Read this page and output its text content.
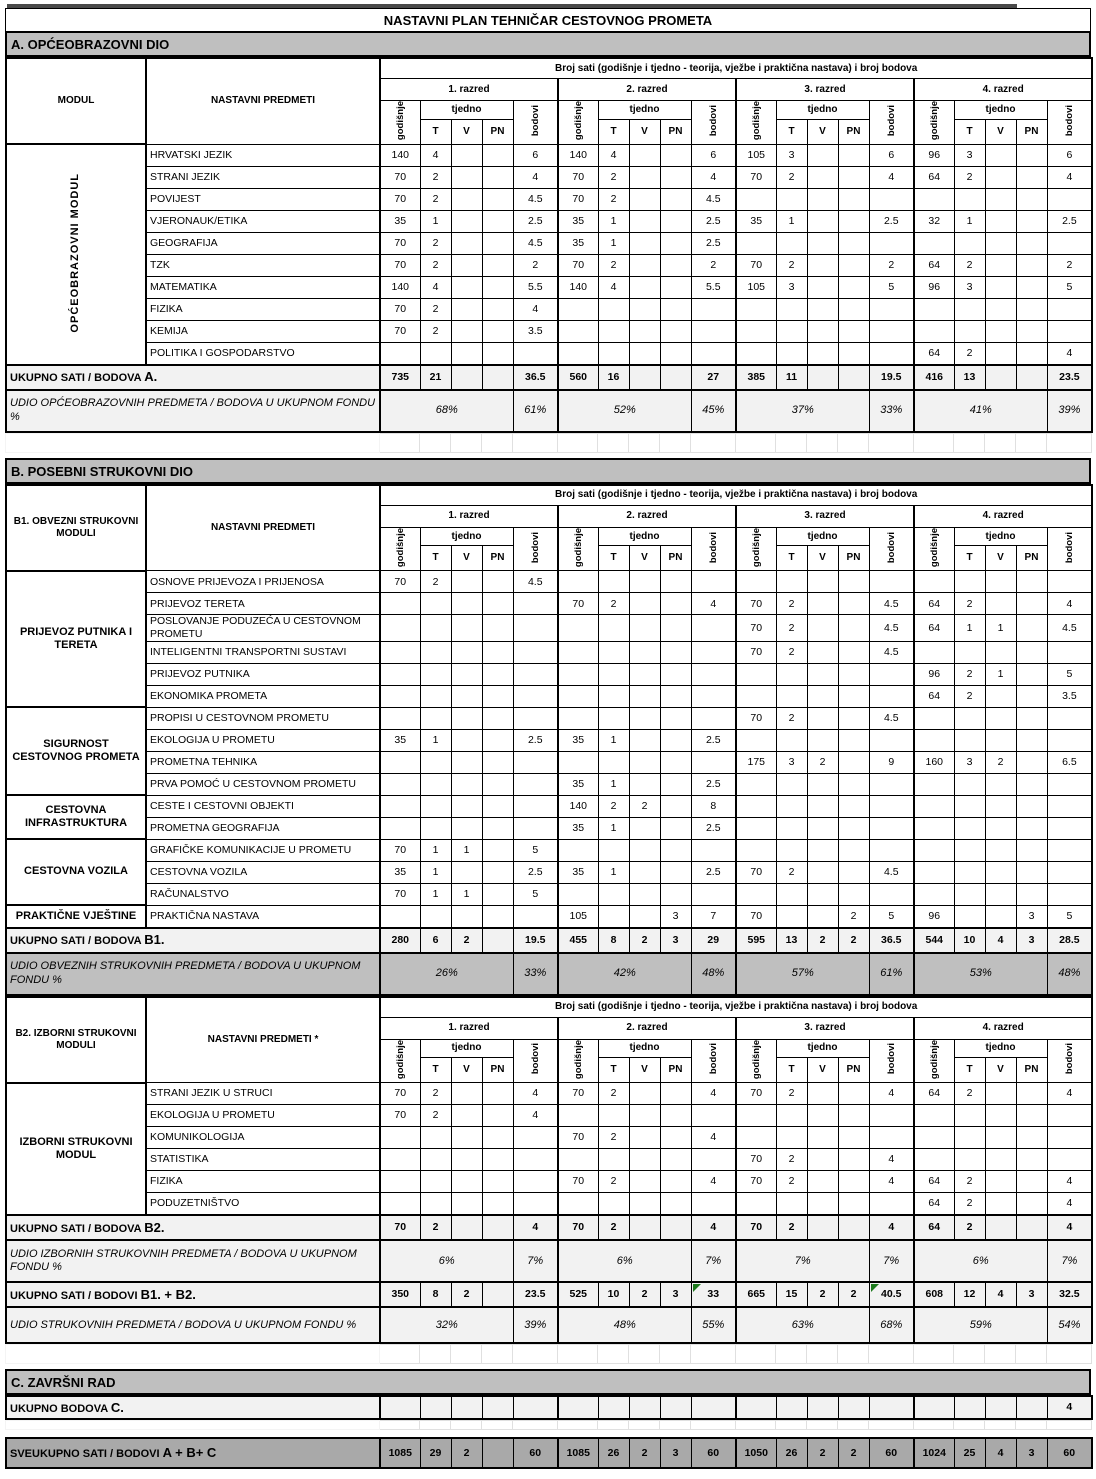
NASTAVNI PLAN TEHNIČAR CESTOVNOG PROMETA
A. OPĆEOBRAZOVNI DIO
MODUL	NASTAVNI PREDMETI	Broj sati (godišnje i tjedno - teorija, vježbe i praktična nastava) i broj bodova																			
		1. razred					2. razred					3. razred					4. razred				
		godišnje	tjedno			bodovi	godišnje	tjedno			bodovi	godišnje	tjedno			bodovi	godišnje	tjedno			bodovi
			T	V	PN			T	V	PN			T	V	PN			T	V	PN	
OPĆEOBRAZOVNI MODUL	HRVATSKI JEZIK	140	4			6	140	4			6	105	3			6	96	3			6
	STRANI JEZIK	70	2			4	70	2			4	70	2			4	64	2			4
	POVIJEST	70	2			4.5	70	2			4.5										
	VJERONAUK/ETIKA	35	1			2.5	35	1			2.5	35	1			2.5	32	1			2.5
	GEOGRAFIJA	70	2			4.5	35	1			2.5										
	TZK	70	2			2	70	2			2	70	2			2	64	2			2
	MATEMATIKA	140	4			5.5	140	4			5.5	105	3			5	96	3			5
	FIZIKA	70	2			4															
	KEMIJA	70	2			3.5															
	POLITIKA I GOSPODARSTVO																64	2			4
UKUPNO SATI / BODOVA A.		735	21			36.5	560	16			27	385	11			19.5	416	13			23.5
UDIO OPĆEOBRAZOVNIH PREDMETA / BODOVA U UKUPNOM FONDU %		68%				61%	52%				45%	37%				33%	41%				39%

B. POSEBNI STRUKOVNI DIO
B1. OBVEZNI STRUKOVNI MODULI	NASTAVNI PREDMETI	Broj sati (godišnje i tjedno - teorija, vježbe i praktična nastava) i broj bodova																			
		1. razred					2. razred					3. razred					4. razred				
		godišnje	tjedno			bodovi	godišnje	tjedno			bodovi	godišnje	tjedno			bodovi	godišnje	tjedno			bodovi
			T	V	PN			T	V	PN			T	V	PN			T	V	PN	
PRIJEVOZ PUTNIKA I TERETA	OSNOVE PRIJEVOZA I PRIJENOSA	70	2			4.5															
	PRIJEVOZ TERETA						70	2			4	70	2			4.5	64	2			4
	POSLOVANJE PODUZEĆA U CESTOVNOM PROMETU											70	2			4.5	64	1	1		4.5
	INTELIGENTNI TRANSPORTNI SUSTAVI											70	2			4.5					
	PRIJEVOZ PUTNIKA																96	2	1		5
	EKONOMIKA PROMETA																64	2			3.5
SIGURNOST CESTOVNOG PROMETA	PROPISI U CESTOVNOM PROMETU											70	2			4.5					
	EKOLOGIJA U PROMETU	35	1			2.5	35	1			2.5										
	PROMETNA TEHNIKA											175	3	2		9	160	3	2		6.5
	PRVA POMOĆ U CESTOVNOM PROMETU						35	1			2.5										
CESTOVNA INFRASTRUKTURA	CESTE I CESTOVNI OBJEKTI						140	2	2		8										
	PROMETNA GEOGRAFIJA						35	1			2.5										
CESTOVNA VOZILA	GRAFIČKE KOMUNIKACIJE U PROMETU	70	1	1		5															
	CESTOVNA VOZILA	35	1			2.5	35	1			2.5	70	2			4.5					
	RAČUNALSTVO	70	1	1		5															
PRAKTIČNE VJEŠTINE	PRAKTIČNA NASTAVA						105			3	7	70			2	5	96			3	5
UKUPNO SATI / BODOVA B1.		280	6	2		19.5	455	8	2	3	29	595	13	2	2	36.5	544	10	4	3	28.5
UDIO OBVEZNIH STRUKOVNIH PREDMETA / BODOVA U UKUPNOM FONDU %		26%				33%	42%				48%	57%				61%	53%				48%
B2. IZBORNI STRUKOVNI MODULI	NASTAVNI PREDMETI *	Broj sati (godišnje i tjedno - teorija, vježbe i praktična nastava) i broj bodova																			
		1. razred					2. razred					3. razred					4. razred				
		godišnje	tjedno			bodovi	godišnje	tjedno			bodovi	godišnje	tjedno			bodovi	godišnje	tjedno			bodovi
			T	V	PN			T	V	PN			T	V	PN			T	V	PN	
IZBORNI STRUKOVNI MODUL	STRANI JEZIK U STRUCI	70	2			4	70	2			4	70	2			4	64	2			4
	EKOLOGIJA U PROMETU	70	2			4															
	KOMUNIKOLOGIJA						70	2			4										
	STATISTIKA											70	2			4					
	FIZIKA						70	2			4	70	2			4	64	2			4
	PODUZETNIŠTVO																64	2			4
UKUPNO SATI / BODOVA B2.		70	2			4	70	2			4	70	2			4	64	2			4
UDIO IZBORNIH STRUKOVNIH PREDMETA / BODOVA U UKUPNOM FONDU %		6%				7%	6%				7%	7%				7%	6%				7%
UKUPNO SATI / BODOVI B1. + B2.		350	8	2		23.5	525	10	2	3	33	665	15	2	2	40.5	608	12	4	3	32.5
UDIO STRUKOVNIH PREDMETA / BODOVA U UKUPNOM FONDU %		32%				39%	48%				55%	63%				68%	59%				54%

C. ZAVRŠNI RAD
UKUPNO BODOVA C.																				4

SVEUKUPNO SATI / BODOVI A + B+ C	1085	29	2		60	1085	26	2	3	60	1050	26	2	2	60	1024	25	4	3	60
